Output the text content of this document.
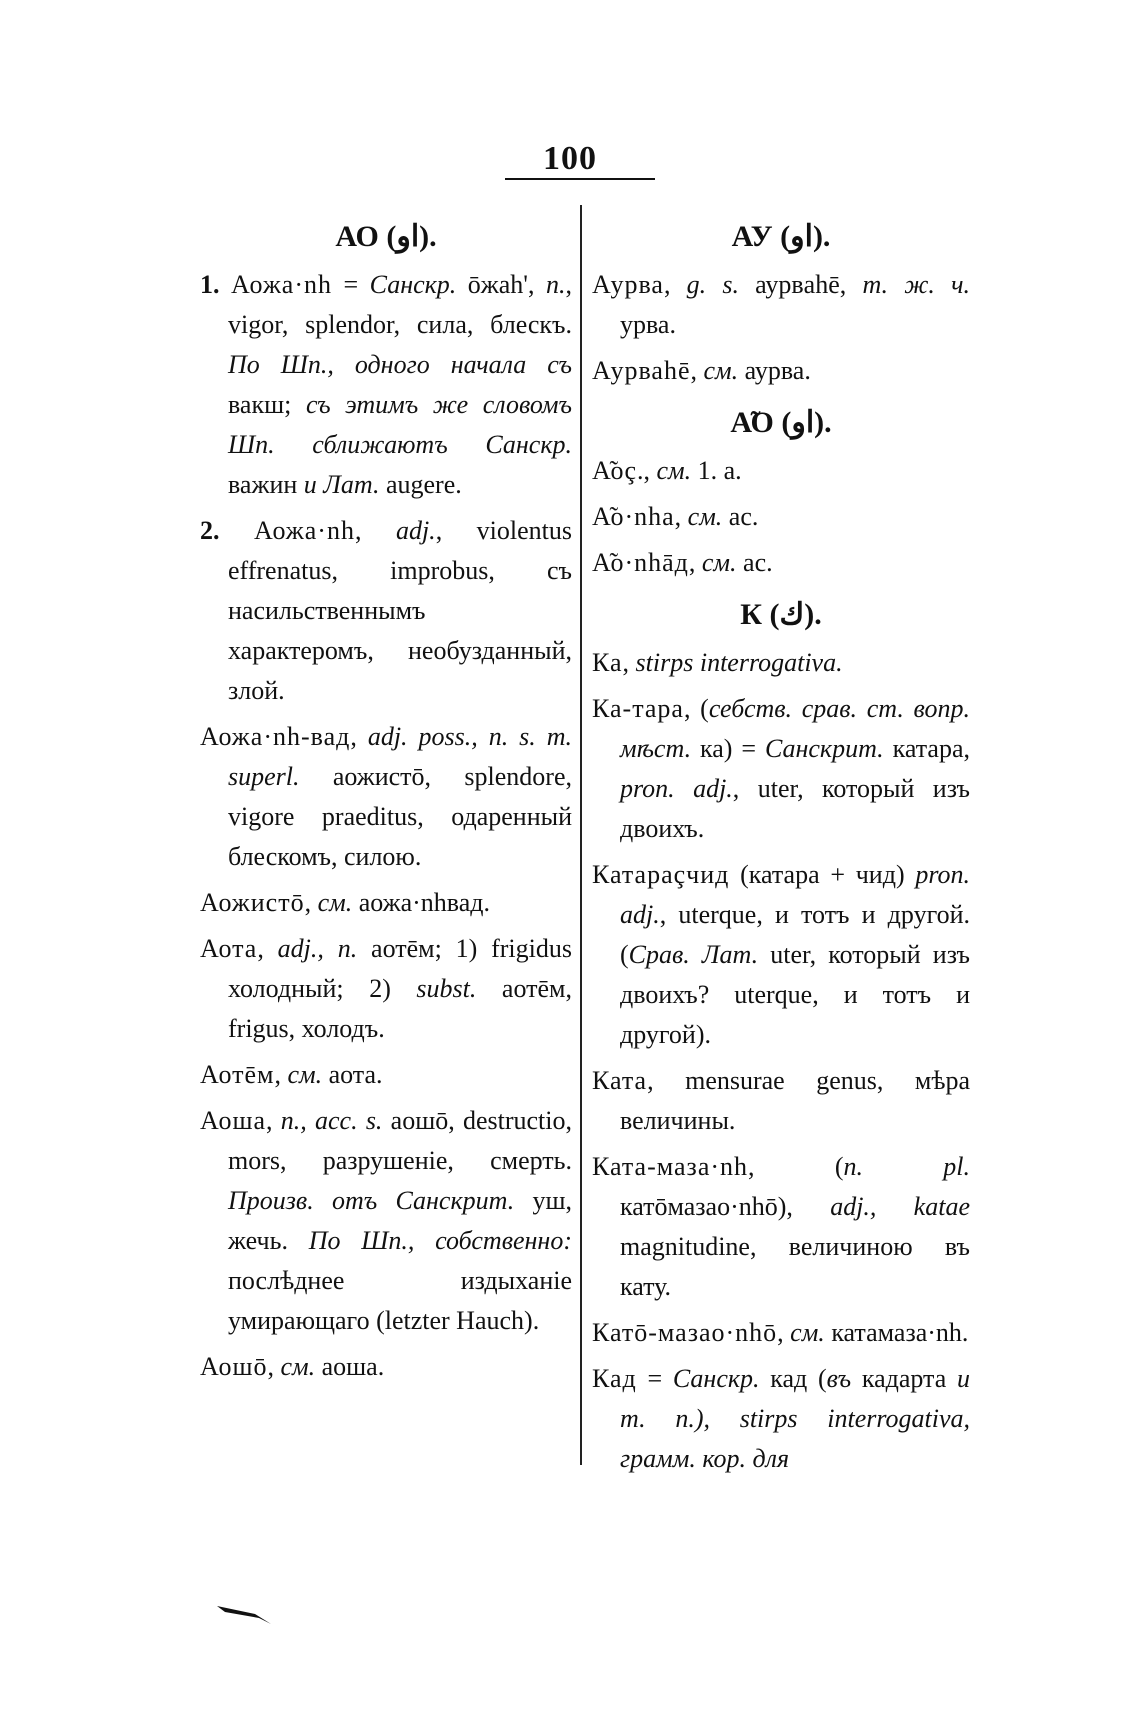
100
АО (ﺍﻭ).

1. Аожа·nh = Санскр. ōжah', n., vigor, splendor, сила, блескъ. По Шп., одного начала съ вакш; съ этимъ же словомъ Шп. сближаютъ Санскр. важин и Лат. augere.

2. Аожа·nh, adj., violentus effrenatus, improbus, съ насильственнымъ характеромъ, необузданный, злой.

Аожа·nh-вад, adj. poss., n. s. m. superl. аожистō, splendore, vigore praeditus, одаренный блескомъ, силою.

Аожистō, см. аожа·nhвад.

Аота, adj., n. аотēм; 1) frigidus холодный; 2) subst. аотēм, frigus, холодъ.

Аотēм, см. аота.

Аоша, n., acc. s. аошō, destructio, mors, разрушеніе, смерть. Произв. отъ Санскрит. уш, жечь. По Шп., собственно: послѣднее издыханіе умирающаго (letzter Hauch).

Аошō, см. аоша.

АУ (ﺍﻭ).

Аурва, g. s. аурвahē, т. ж. ч. урва.

Аурваhē, см. аурва.

А̃О (ﺍﻭ).

А̃оç., см. 1. а.

А̃о·nhа, см. ас.

А̃о·nhāд, см. ас.

К (ﻙ).

Ка, stirps interrogativa.

Ка-тара, (себств. срав. ст. вопр. мѣст. ка) = Санскрит. катара, pron. adj., uter, который изъ двоихъ.

Катараçчид (катара + чид) pron. adj., uterque, и тотъ и другой. (Срав. Лат. uter, который изъ двоихъ? uterque, и тотъ и другой).

Ката, mensurae genus, мѣра величины.

Ката-маза·nh, (n. pl. катōмазао·nhō), adj., katae magnitudine, величиною въ кату.

Катō-мазао·nhō, см. катамаза·nh.

Кад = Санскр. кад (въ кадарта и т. п.), stirps interrogativa, грамм. кор. для
